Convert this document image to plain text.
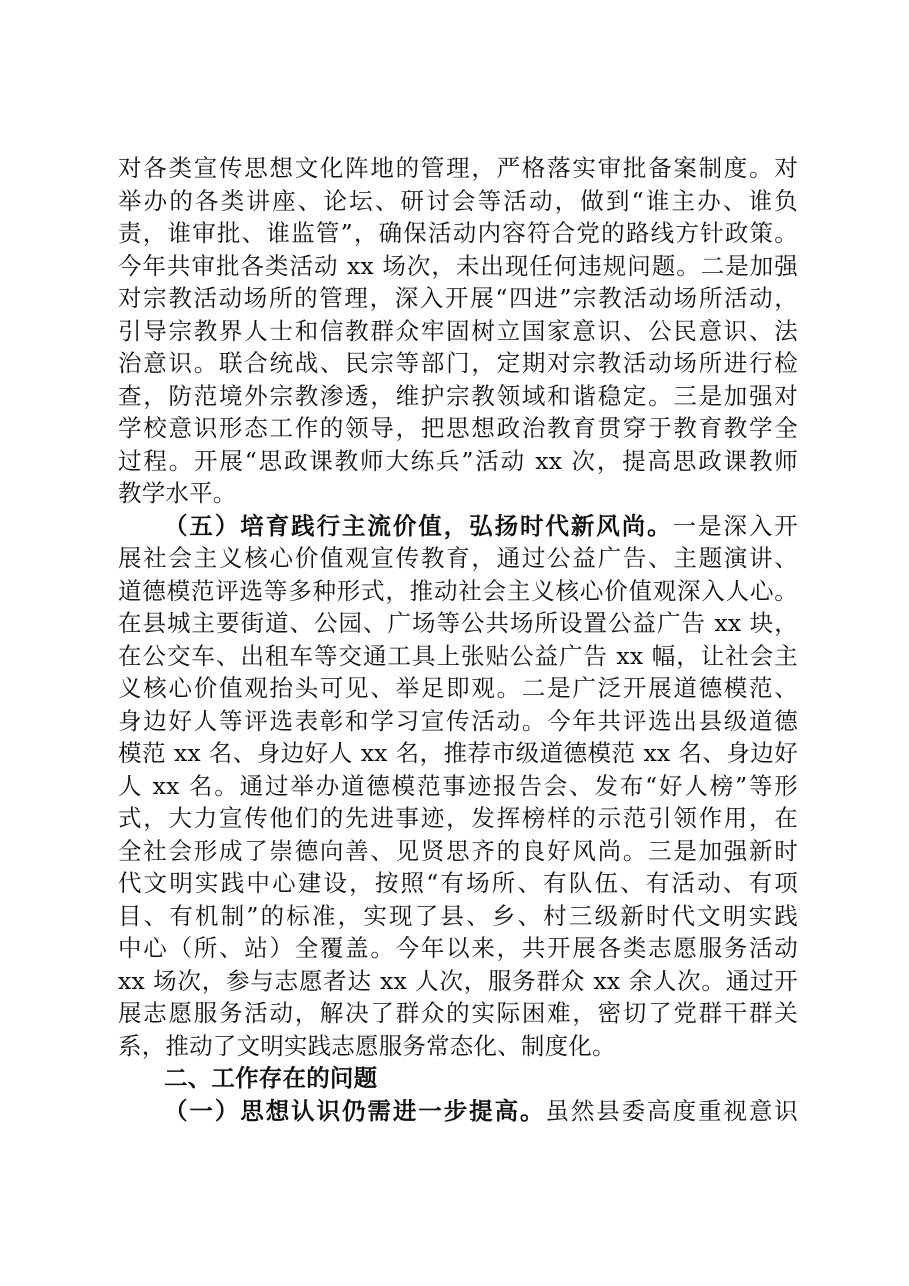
对各类宣传思想文化阵地的管理，严格落实审批备案制度。对
举办的各类讲座、论坛、研讨会等活动，做到“谁主办、谁负
责，谁审批、谁监管”，确保活动内容符合党的路线方针政策。
今年共审批各类活动 xx 场次，未出现任何违规问题。二是加强
对宗教活动场所的管理，深入开展“四进”宗教活动场所活动，
引导宗教界人士和信教群众牢固树立国家意识、公民意识、法
治意识。联合统战、民宗等部门，定期对宗教活动场所进行检
查，防范境外宗教渗透，维护宗教领域和谐稳定。三是加强对
学校意识形态工作的领导，把思想政治教育贯穿于教育教学全
过程。开展“思政课教师大练兵”活动 xx 次，提高思政课教师
教学水平。
（五）培育践行主流价值，弘扬时代新风尚。一是深入开
展社会主义核心价值观宣传教育，通过公益广告、主题演讲、
道德模范评选等多种形式，推动社会主义核心价值观深入人心。
在县城主要街道、公园、广场等公共场所设置公益广告 xx 块，
在公交车、出租车等交通工具上张贴公益广告 xx 幅，让社会主
义核心价值观抬头可见、举足即观。二是广泛开展道德模范、
身边好人等评选表彰和学习宣传活动。今年共评选出县级道德
模范 xx 名、身边好人 xx 名，推荐市级道德模范 xx 名、身边好
人 xx 名。通过举办道德模范事迹报告会、发布“好人榜”等形
式，大力宣传他们的先进事迹，发挥榜样的示范引领作用，在
全社会形成了崇德向善、见贤思齐的良好风尚。三是加强新时
代文明实践中心建设，按照“有场所、有队伍、有活动、有项
目、有机制”的标准，实现了县、乡、村三级新时代文明实践
中心（所、站）全覆盖。今年以来，共开展各类志愿服务活动
xx 场次，参与志愿者达 xx 人次，服务群众 xx 余人次。通过开
展志愿服务活动，解决了群众的实际困难，密切了党群干群关
系，推动了文明实践志愿服务常态化、制度化。
二、工作存在的问题
（一）思想认识仍需进一步提高。虽然县委高度重视意识
